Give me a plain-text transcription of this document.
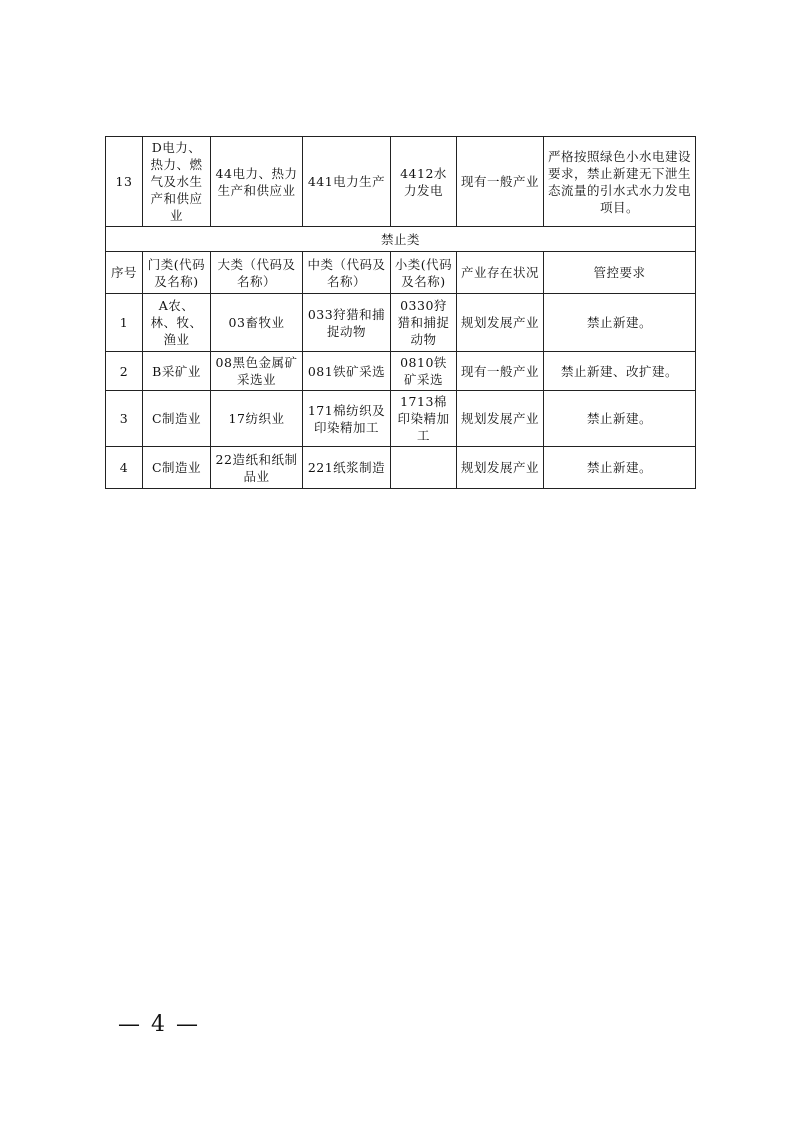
13	D电力、热力、燃气及水生产和供应业	44电力、热力生产和供应业	441电力生产	4412水力发电	现有一般产业	严格按照绿色小水电建设要求，禁止新建无下泄生态流量的引水式水力发电项目。
禁止类						
序号	门类(代码及名称)	大类（代码及名称）	中类（代码及名称）	小类(代码及名称)	产业存在状况	管控要求
1	A农、林、牧、渔业	03畜牧业	033狩猎和捕捉动物	0330狩猎和捕捉 动物	规划发展产业	禁止新建。
2	B采矿业	08黑色金属矿采选业	081铁矿采选	0810铁矿采选	现有一般产业	禁止新建、改扩建。
3	C制造业	17纺织业	171棉纺织及印染精加工	1713棉印染精加工	规划发展产业	禁止新建。
4	C制造业	22造纸和纸制品业	221纸浆制造		规划发展产业	禁止新建。
— 4 —
